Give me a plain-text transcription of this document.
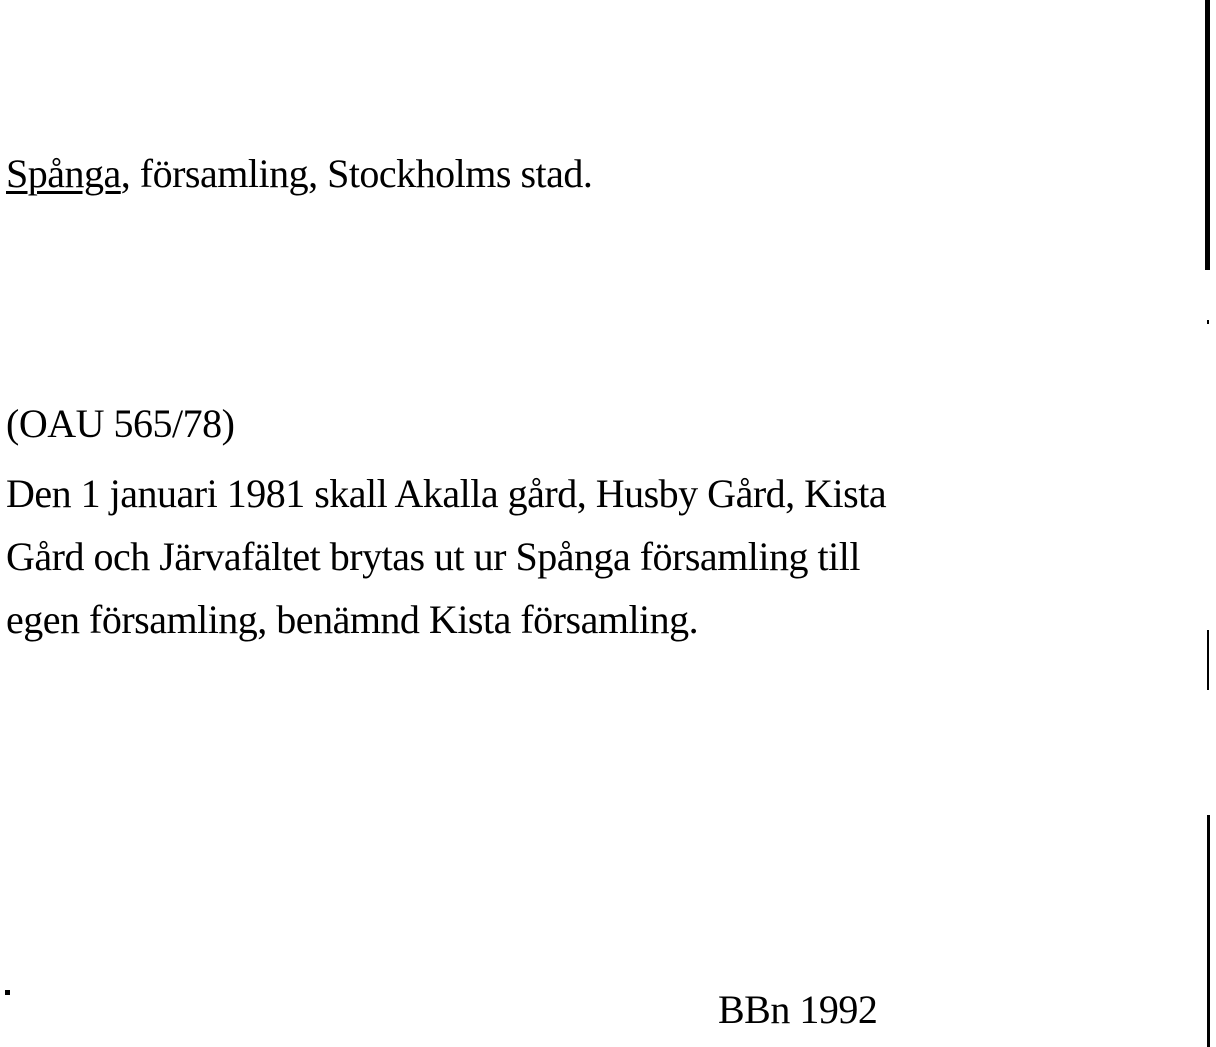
Spånga, församling, Stockholms stad.
(OAU 565/78)
Den 1 januari 1981 skall Akalla gård, Husby Gård, Kista
Gård och Järvafältet brytas ut ur Spånga församling till
egen församling, benämnd Kista församling.
BBn 1992
